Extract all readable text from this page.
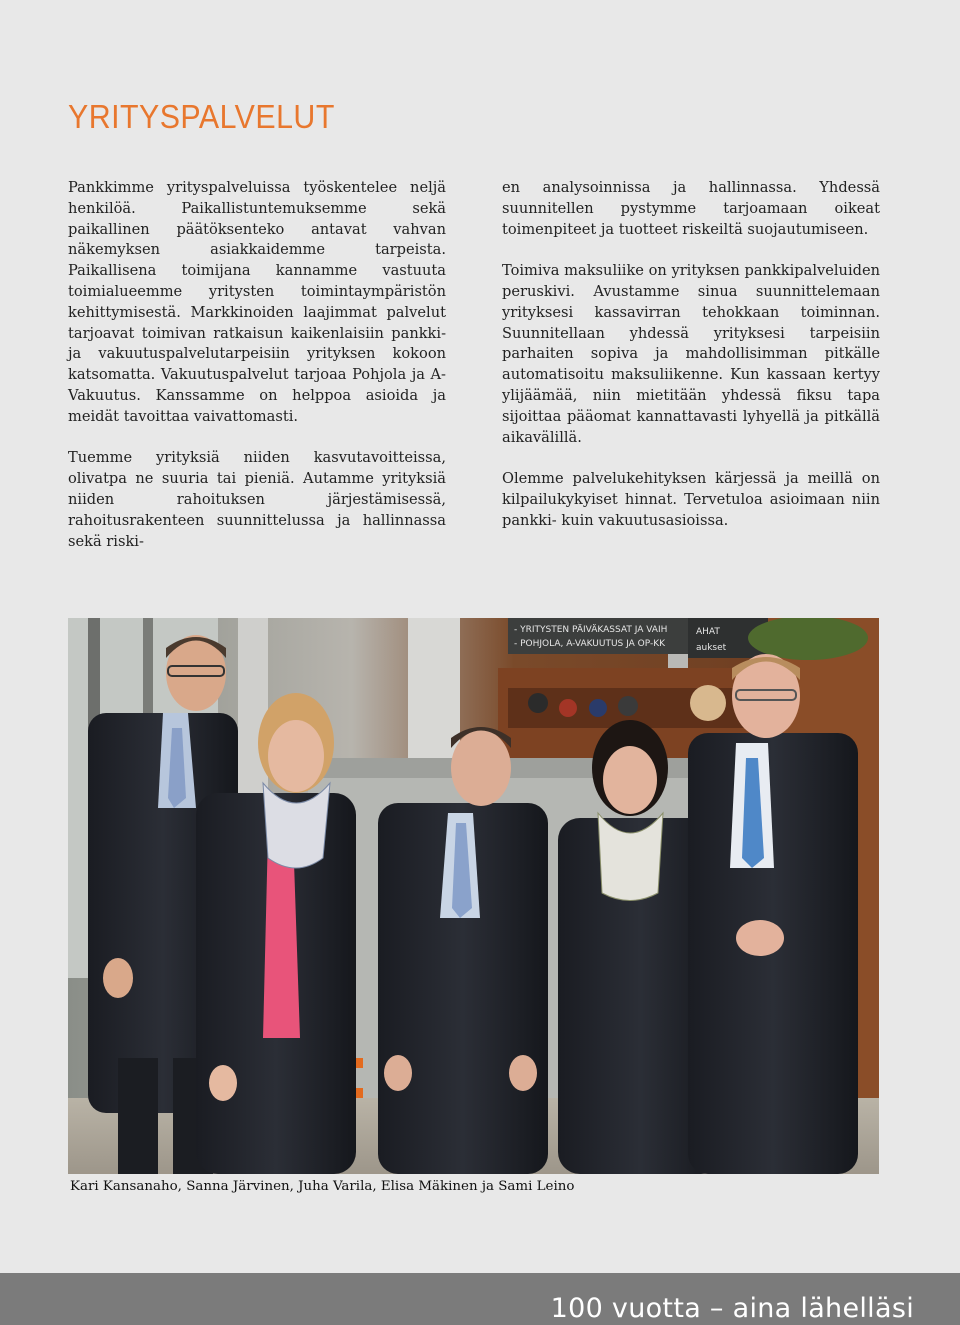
YRITYSPALVELUT

Pankkimme yrityspalveluissa työskentelee neljä henkilöä. Paikallistuntemuksemme sekä paikallinen päätöksenteko antavat vahvan näkemyksen asiakkaidemme tarpeista. Paikallisena toimijana kannamme vastuuta toimialueemme yritysten toimintaympäristön kehittymisestä. Markkinoiden laajimmat palvelut tarjoavat toimivan ratkaisun kaikenlaisiin pankki- ja vakuutuspalvelutarpeisiin yrityksen kokoon katsomatta. Vakuutuspalvelut tarjoaa Pohjola ja A-Vakuutus. Kanssamme on helppoa asioida ja meidät tavoittaa vaivattomasti.

Tuemme yrityksiä niiden kasvutavoitteissa, olivatpa ne suuria tai pieniä. Autamme yrityksiä niiden rahoituksen järjestämisessä, rahoitusrakenteen suunnittelussa ja hallinnassa sekä riski-

en analysoinnissa ja hallinnassa. Yhdessä suunnitellen pystymme tarjoamaan oikeat toimenpiteet ja tuotteet riskeiltä suojautumiseen.

Toimiva maksuliike on yrityksen pankkipalveluiden peruskivi. Avustamme sinua suunnittelemaan yrityksesi kassavirran tehokkaan toiminnan. Suunnitellaan yhdessä yrityksesi tarpeisiin parhaiten sopiva ja mahdollisimman pitkälle automatisoitu maksuliikenne. Kun kassaan kertyy ylijäämää, niin mietitään yhdessä fiksu tapa sijoittaa pääomat kannattavasti lyhyellä ja pitkällä aikavälillä.

Olemme palvelukehityksen kärjessä ja meillä on kilpailukykyiset hinnat. Tervetuloa asioimaan niin pankki- kuin vakuutusasioissa.

- YRITYSTEN PÄIVÄKASSAT JA VAIH
- POHJOLA, A-VAKUUTUS JA OP-KK
AHAT
aukset
Kari Kansanaho, Sanna Järvinen, Juha Varila, Elisa Mäkinen ja Sami Leino
100 vuotta – aina lähelläsi
